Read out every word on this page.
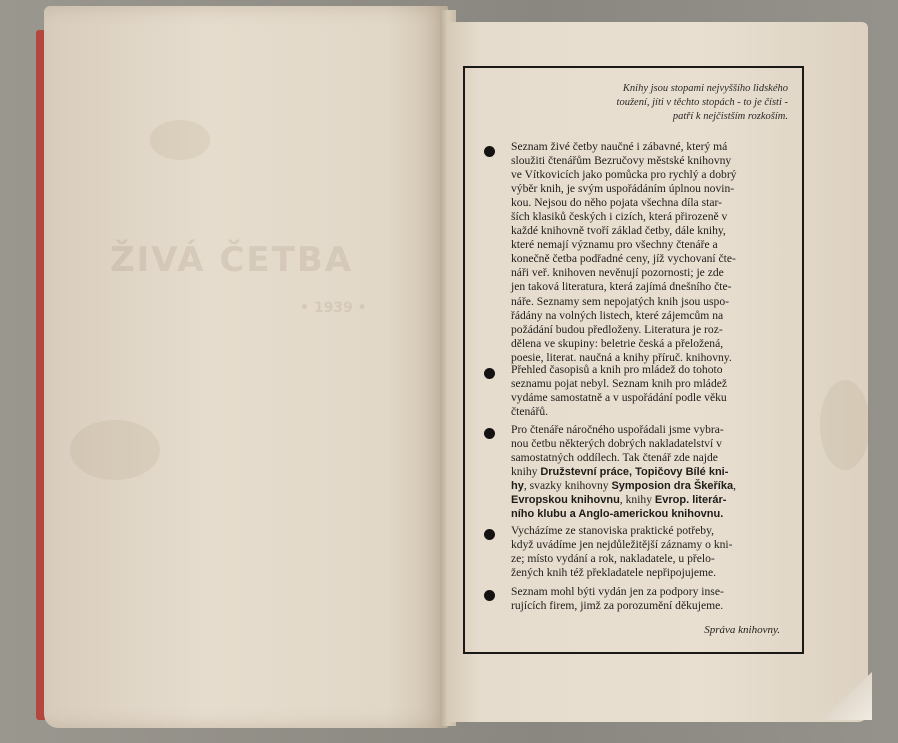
ŽIVÁ ČETBA
• 1939 •
Knihy jsou stopami nejvyššího lidského
toužení, jíti v těchto stopách - to je čísti -
patří k nejčistším rozkoším.
Seznam živé četby naučné i zábavné, který má
sloužiti čtenářům Bezručovy městské knihovny
ve Vítkovicích jako pomůcka pro rychlý a dobrý
výběr knih, je svým uspořádáním úplnou novin-
kou. Nejsou do něho pojata všechna díla star-
ších klasiků českých i cizích, která přirozeně v
každé knihovně tvoří základ četby, dále knihy,
které nemají významu pro všechny čtenáře a
konečně četba podřadné ceny, jíž vychovaní čte-
náři veř. knihoven nevěnují pozornosti; je zde
jen taková literatura, která zajímá dnešního čte-
náře. Seznamy sem nepojatých knih jsou uspo-
řádány na volných listech, které zájemcům na
požádání budou předloženy. Literatura je roz-
dělena ve skupiny: beletrie česká a přeložená,
poesie, literat. naučná a knihy příruč. knihovny.
Přehled časopisů a knih pro mládež do tohoto
seznamu pojat nebyl. Seznam knih pro mládež
vydáme samostatně a v uspořádání podle věku
čtenářů.
Pro čtenáře náročného uspořádali jsme vybra-
nou četbu některých dobrých nakladatelství v
samostatných oddílech. Tak čtenář zde najde
knihy Družstevní práce, Topičovy Bílé kni-
hy, svazky knihovny Symposion dra Škeříka,
Evropskou knihovnu, knihy Evrop. literár-
ního klubu a Anglo-americkou knihovnu.
Vycházíme ze stanoviska praktické potřeby,
když uvádíme jen nejdůležitější záznamy o kni-
ze; místo vydání a rok, nakladatele, u přelo-
žených knih též překladatele nepřipojujeme.
Seznam mohl býti vydán jen za podpory inse-
rujících firem, jimž za porozumění děkujeme.
Správa knihovny.
